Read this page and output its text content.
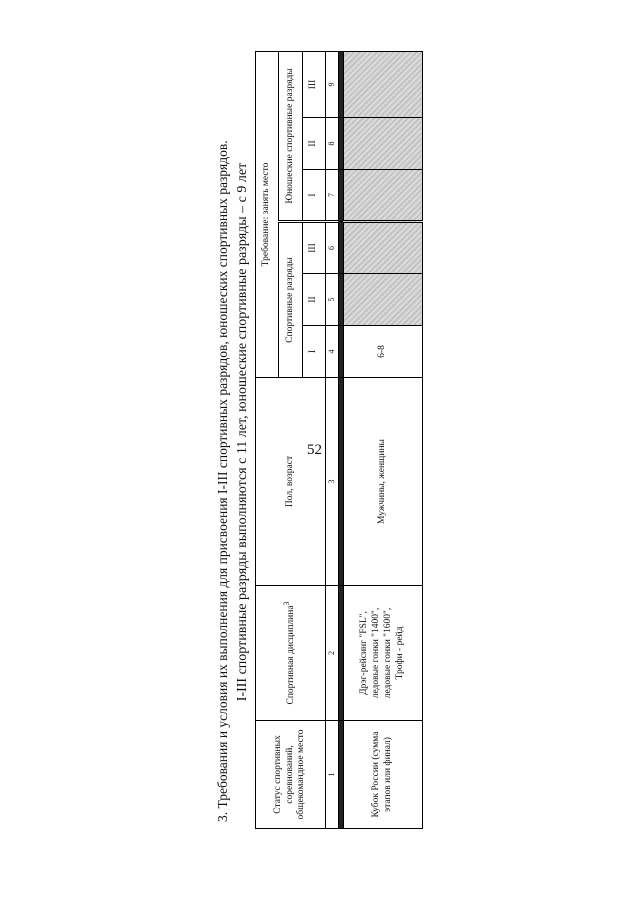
52
3. Требования и условия их выполнения для присвоения I-III спортивных разрядов, юношеских спортивных разрядов. I-III спортивные разряды выполняются с 11 лет, юношеские спортивные разряды – с 9 лет
Статус спортивных соревнований, общекомандное место	Спортивная дисциплина$^3$	Пол, возраст	Требование: занять место					
			Спортивные разряды			Юношеские спортивные разряды		
			I	II	III	I	II	III
1	2	3	4	5	6	7	8	9

Кубок России (сумма этапов или финал)	Дрэг-рейсинг "FSL", ледовые гонки "1400", ледовые гонки "1600", Трофи - рейд	Мужчины, женщины	6-8					
